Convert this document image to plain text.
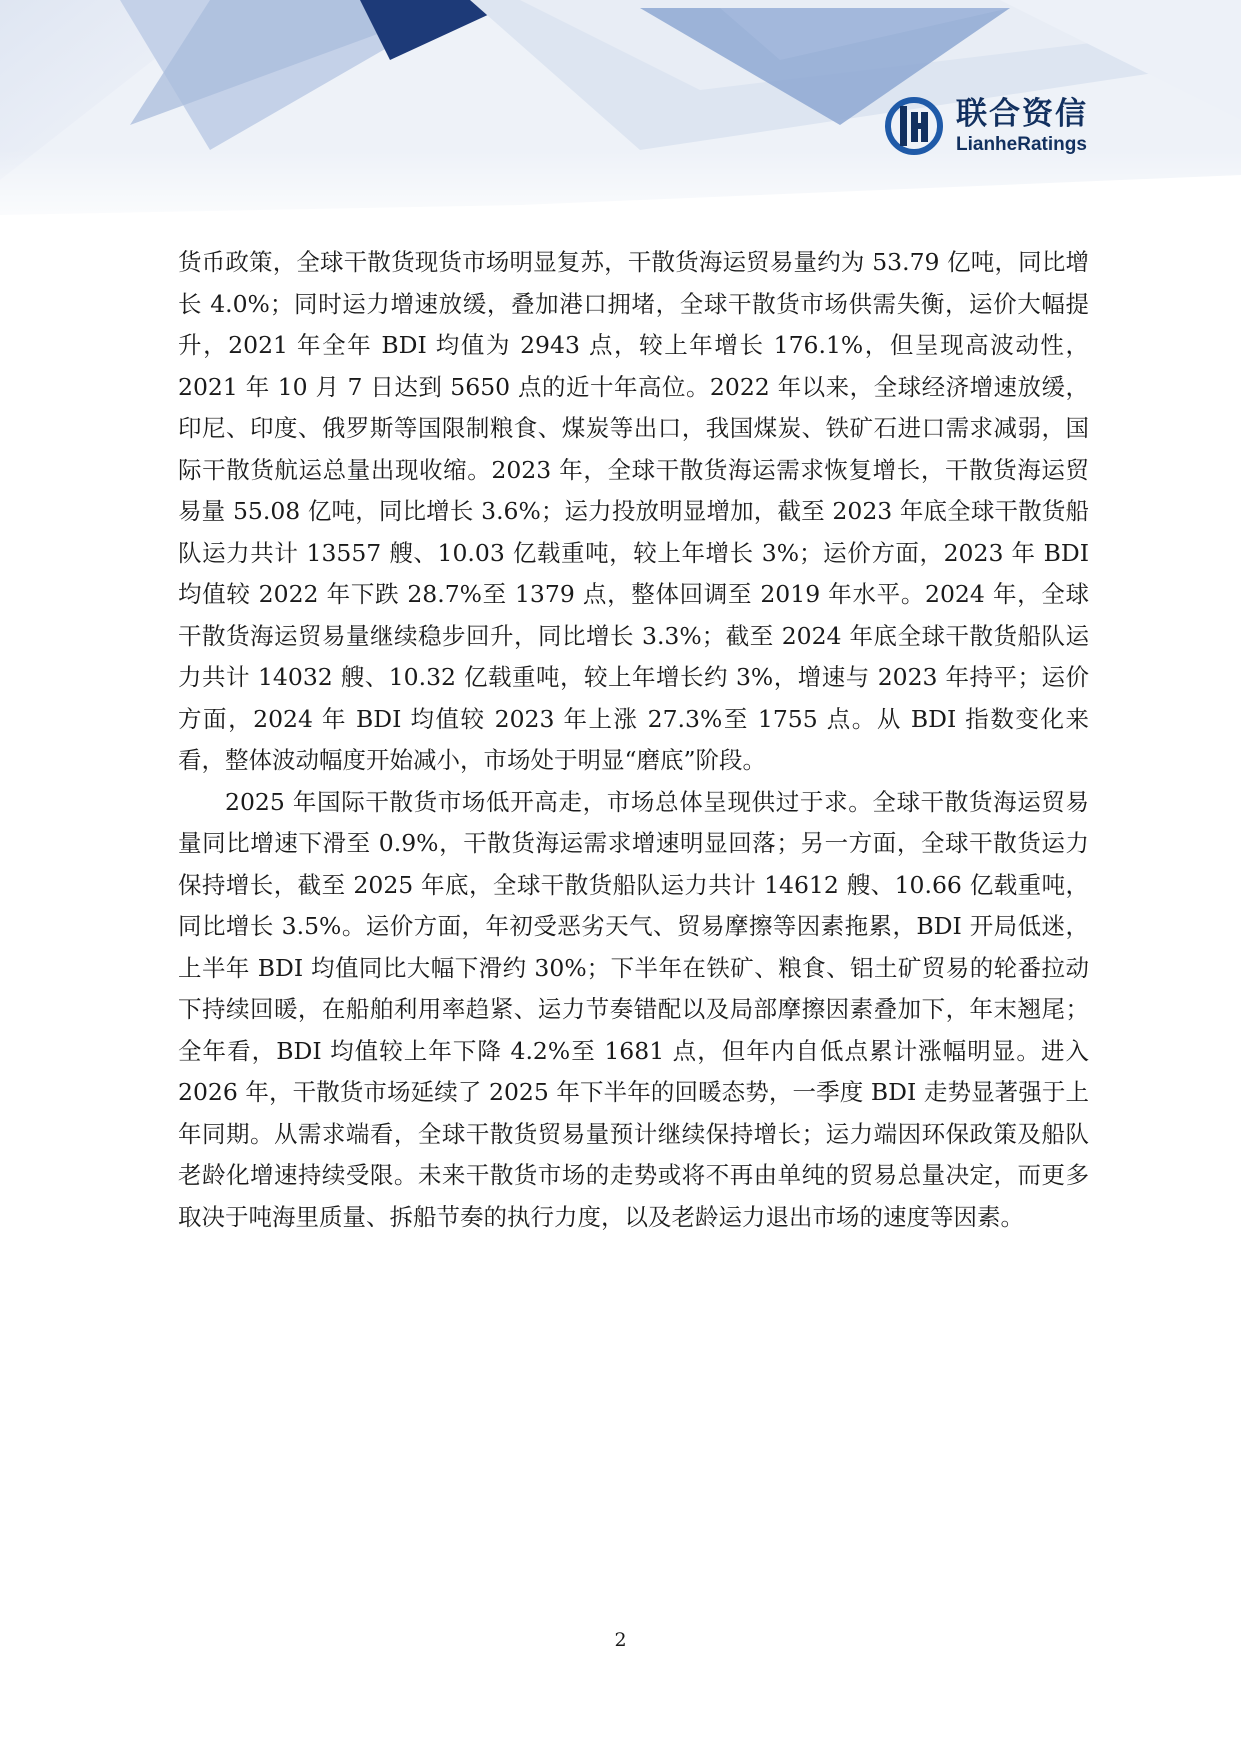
联合资信
LianheRatings

货币政策，全球干散货现货市场明显复苏，干散货海运贸易量约为 53.79 亿吨，同比增长 4.0%；同时运力增速放缓，叠加港口拥堵，全球干散货市场供需失衡，运价大幅提升，2021 年全年 BDI 均值为 2943 点，较上年增长 176.1%，但呈现高波动性，2021 年 10 月 7 日达到 5650 点的近十年高位。2022 年以来，全球经济增速放缓，印尼、印度、俄罗斯等国限制粮食、煤炭等出口，我国煤炭、铁矿石进口需求减弱，国际干散货航运总量出现收缩。2023 年，全球干散货海运需求恢复增长，干散货海运贸易量 55.08 亿吨，同比增长 3.6%；运力投放明显增加，截至 2023 年底全球干散货船队运力共计 13557 艘、10.03 亿载重吨，较上年增长 3%；运价方面，2023 年 BDI 均值较 2022 年下跌 28.7%至 1379 点，整体回调至 2019 年水平。2024 年，全球干散货海运贸易量继续稳步回升，同比增长 3.3%；截至 2024 年底全球干散货船队运力共计 14032 艘、10.32 亿载重吨，较上年增长约 3%，增速与 2023 年持平；运价方面，2024 年 BDI 均值较 2023 年上涨 27.3%至 1755 点。从 BDI 指数变化来看，整体波动幅度开始减小，市场处于明显“磨底”阶段。

2025 年国际干散货市场低开高走，市场总体呈现供过于求。全球干散货海运贸易量同比增速下滑至 0.9%，干散货海运需求增速明显回落；另一方面，全球干散货运力保持增长，截至 2025 年底，全球干散货船队运力共计 14612 艘、10.66 亿载重吨，同比增长 3.5%。运价方面，年初受恶劣天气、贸易摩擦等因素拖累，BDI 开局低迷，上半年 BDI 均值同比大幅下滑约 30%；下半年在铁矿、粮食、铝土矿贸易的轮番拉动下持续回暖，在船舶利用率趋紧、运力节奏错配以及局部摩擦因素叠加下，年末翘尾；全年看，BDI 均值较上年下降 4.2%至 1681 点，但年内自低点累计涨幅明显。进入 2026 年，干散货市场延续了 2025 年下半年的回暖态势，一季度 BDI 走势显著强于上年同期。从需求端看，全球干散货贸易量预计继续保持增长；运力端因环保政策及船队老龄化增速持续受限。未来干散货市场的走势或将不再由单纯的贸易总量决定，而更多取决于吨海里质量、拆船节奏的执行力度，以及老龄运力退出市场的速度等因素。

2
